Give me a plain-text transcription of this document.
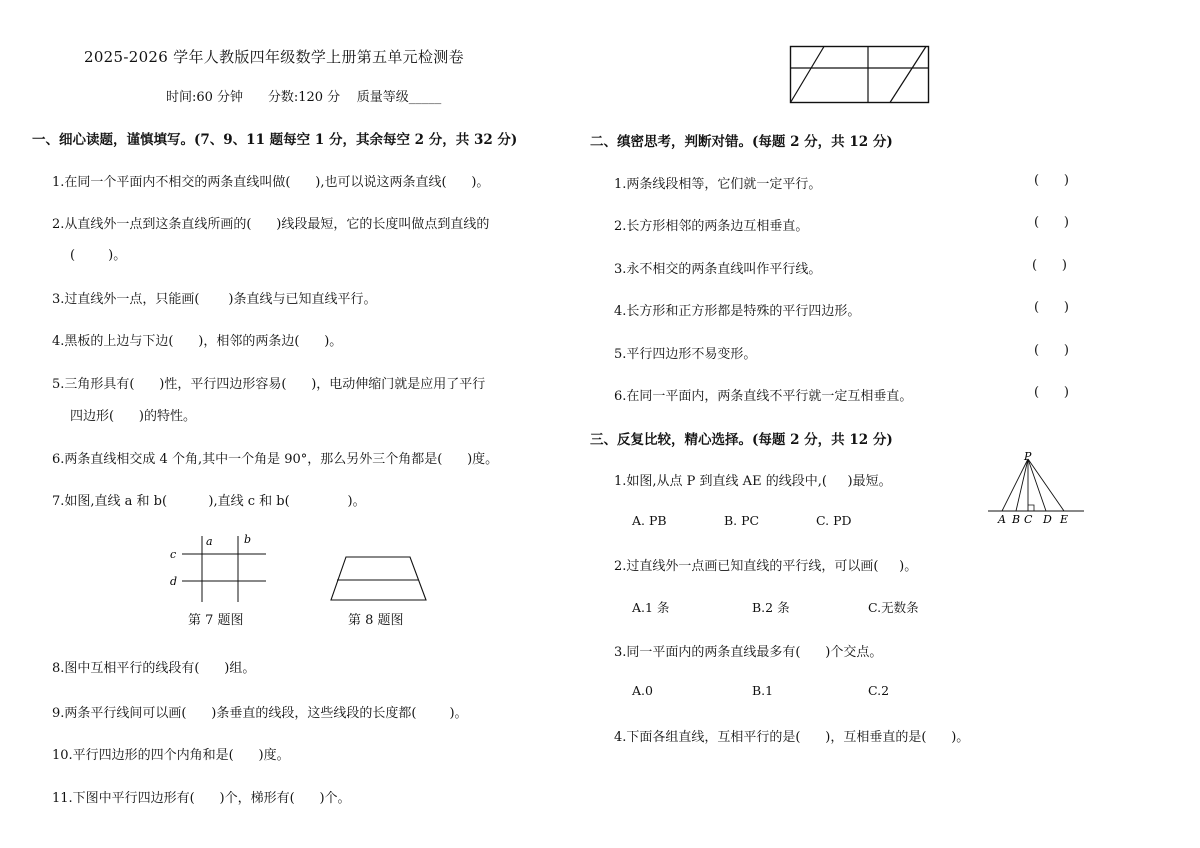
2025-2026 学年人教版四年级数学上册第五单元检测卷
时间:60 分钟      分数:120 分    质量等级_____
一、细心读题，谨慎填写。(7、9、11 题每空 1 分，其余每空 2 分，共 32 分)
1.在同一个平面内不相交的两条直线叫做(      ),也可以说这两条直线(      )。
2.从直线外一点到这条直线所画的(      )线段最短，它的长度叫做点到直线的
(        )。
3.过直线外一点，只能画(       )条直线与已知直线平行。
4.黑板的上边与下边(      )，相邻的两条边(      )。
5.三角形具有(      )性，平行四边形容易(      )，电动伸缩门就是应用了平行
四边形(      )的特性。
6.两条直线相交成 4 个角,其中一个角是 90°，那么另外三个角都是(      )度。
7.如图,直线 a 和 b(          ),直线 c 和 b(              )。
a	b
c
d
第 7 题图	第 8 题图
8.图中互相平行的线段有(      )组。
9.两条平行线间可以画(      )条垂直的线段，这些线段的长度都(        )。
10.平行四边形的四个内角和是(      )度。
11.下图中平行四边形有(      )个，梯形有(      )个。
二、缜密思考，判断对错。(每题 2 分，共 12 分)
1.两条线段相等，它们就一定平行。	(      )
2.长方形相邻的两条边互相垂直。	(      )
3.永不相交的两条直线叫作平行线。	(      )
4.长方形和正方形都是特殊的平行四边形。	(      )
5.平行四边形不易变形。	(      )
6.在同一平面内，两条直线不平行就一定互相垂直。	(      )
三、反复比较，精心选择。(每题 2 分，共 12 分)
1.如图,从点 P 到直线 AE 的线段中,(     )最短。
A. PB	B. PC	C. PD
P
A B C D E
2.过直线外一点画已知直线的平行线，可以画(     )。
A.1 条	B.2 条	C.无数条
3.同一平面内的两条直线最多有(      )个交点。
A.0	B.1	C.2
4.下面各组直线，互相平行的是(      )，互相垂直的是(      )。
